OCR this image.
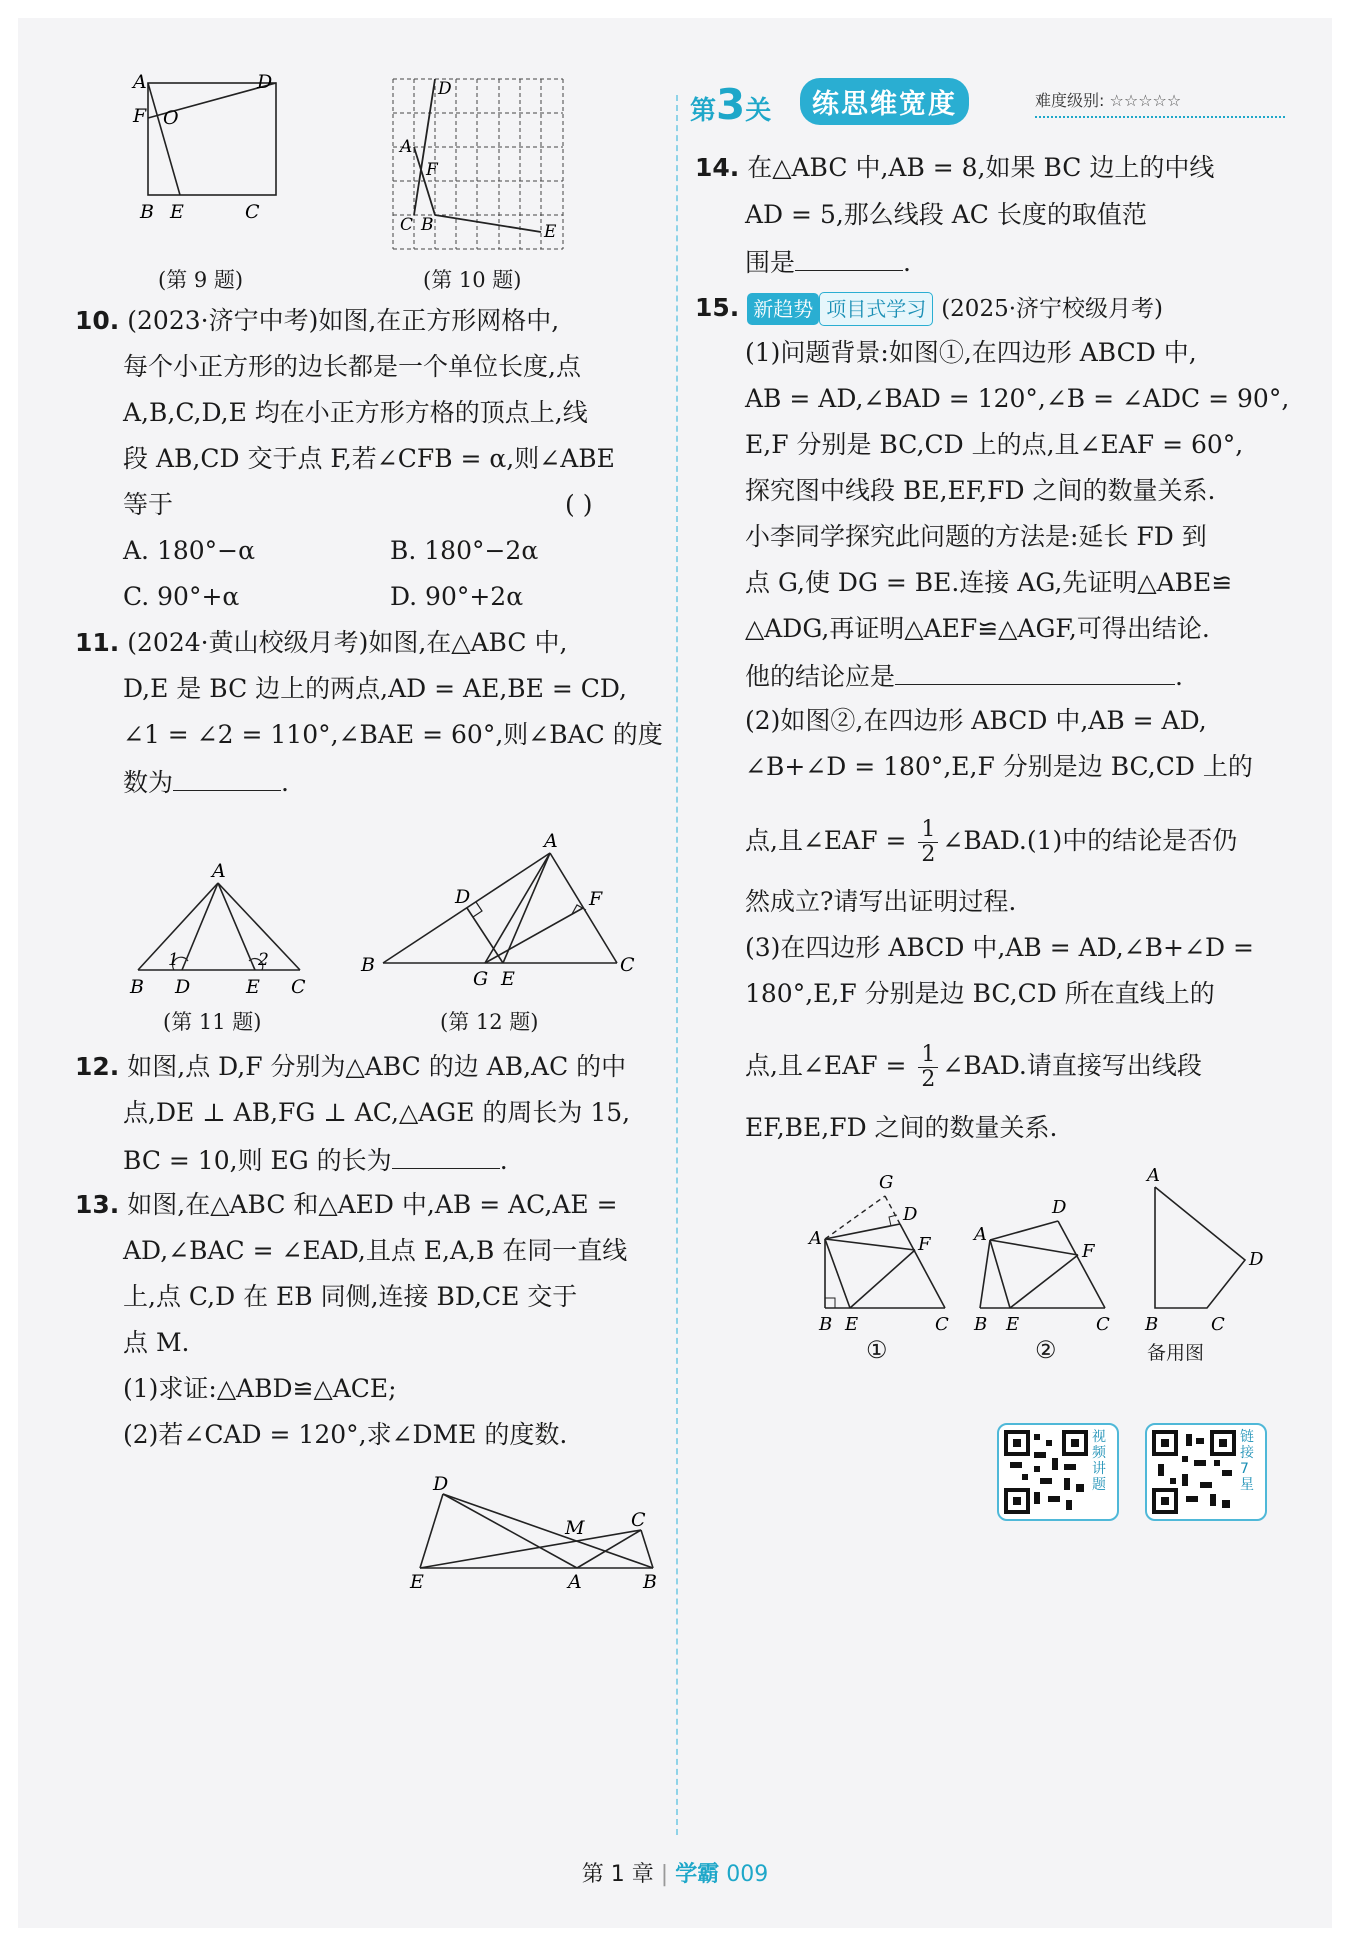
A	D
F O
B E	C
(第 9 题)
D
A
F
C B	E
(第 10 题)
10. (2023·济宁中考)如图,在正方形网格中,
每个小正方形的边长都是一个单位长度,点
A,B,C,D,E 均在小正方形方格的顶点上,线
段 AB,CD 交于点 F,若∠CFB = α,则∠ABE
等于	( )
A. 180°−α	B. 180°−2α
C. 90°+α	D. 90°+2α
11. (2024·黄山校级月考)如图,在△ABC 中,
D,E 是 BC 边上的两点,AD = AE,BE = CD,
∠1 = ∠2 = 110°,∠BAE = 60°,则∠BAC 的度
数为	.
A
1	2
B D	E C
(第 11 题)
A
D	F
B	C
G E
(第 12 题)
12. 如图,点 D,F 分别为△ABC 的边 AB,AC 的中
点,DE ⊥ AB,FG ⊥ AC,△AGE 的周长为 15,
BC = 10,则 EG 的长为	.
13. 如图,在△ABC 和△AED 中,AB = AC,AE =
AD,∠BAC = ∠EAD,且点 E,A,B 在同一直线
上,点 C,D 在 EB 同侧,连接 BD,CE 交于
点 M.
(1)求证:△ABD≌△ACE;
(2)若∠CAD = 120°,求∠DME 的度数.
D
M C
E	A	B
第3关	练思维宽度	难度级别: ☆☆☆☆☆
14. 在△ABC 中,AB = 8,如果 BC 边上的中线
AD = 5,那么线段 AC 长度的取值范
围是	.
15. 新趋势 项目式学习 (2025·济宁校级月考)
(1)问题背景:如图①,在四边形 ABCD 中,
AB = AD,∠BAD = 120°,∠B = ∠ADC = 90°,
E,F 分别是 BC,CD 上的点,且∠EAF = 60°,
探究图中线段 BE,EF,FD 之间的数量关系.
小李同学探究此问题的方法是:延长 FD 到
点 G,使 DG = BE.连接 AG,先证明△ABE≌
△ADG,再证明△AEF≌△AGF,可得出结论.
他的结论应是	.
(2)如图②,在四边形 ABCD 中,AB = AD,
∠B+∠D = 180°,E,F 分别是边 BC,CD 上的
点,且∠EAF = $\frac{1}{2}$ ∠BAD.(1)中的结论是否仍
然成立?请写出证明过程.
(3)在四边形 ABCD 中,AB = AD,∠B+∠D =
180°,E,F 分别是边 BC,CD 所在直线上的
点,且∠EAF = $\frac{1}{2}$ ∠BAD.请直接写出线段
EF,BE,FD 之间的数量关系.
G
D
A	F
B E	C
①
D
A
F
B E	C
②
A
D
B	C
备用图
视频讲题
链接7星
第 1 章 | 学霸 009
